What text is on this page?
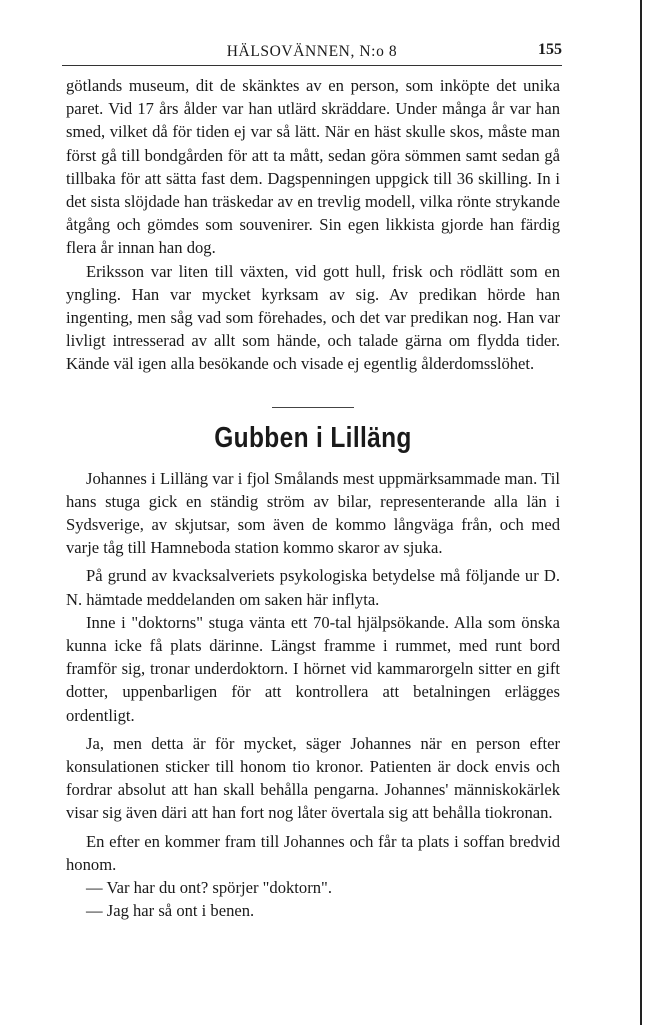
HÄLSOVÄNNEN, N:o 8	155

götlands museum, dit de skänktes av en person, som inköpte det unika paret. Vid 17 års ålder var han utlärd skräddare. Under många år var han smed, vilket då för tiden ej var så lätt. När en häst skulle skos, måste man först gå till bondgården för att ta mått, sedan göra sömmen samt sedan gå tillbaka för att sätta fast dem. Dagspenningen uppgick till 36 skilling. In i det sista slöjdade han träskedar av en trevlig modell, vilka rönte strykande åtgång och gömdes som souvenirer. Sin egen likkista gjorde han färdig flera år innan han dog.

Eriksson var liten till växten, vid gott hull, frisk och rödlätt som en yngling. Han var mycket kyrksam av sig. Av predikan hörde han ingenting, men såg vad som förehades, och det var predikan nog. Han var livligt intresserad av allt som hände, och talade gärna om flydda tider. Kände väl igen alla besökande och visade ej egentlig ålderdomsslöhet.

Gubben i Lilläng

Johannes i Lilläng var i fjol Smålands mest uppmärksammade man. Til hans stuga gick en ständig ström av bilar, representerande alla län i Sydsverige, av skjutsar, som även de kommo långväga från, och med varje tåg till Hamneboda station kommo skaror av sjuka.

På grund av kvacksalveriets psykologiska betydelse må följande ur D. N. hämtade meddelanden om saken här inflyta.

Inne i "doktorns" stuga vänta ett 70-tal hjälpsökande. Alla som önska kunna icke få plats därinne. Längst framme i rummet, med runt bord framför sig, tronar underdoktorn. I hörnet vid kammarorgeln sitter en gift dotter, uppenbarligen för att kontrollera att betalningen erlägges ordentligt.

Ja, men detta är för mycket, säger Johannes när en person efter konsulationen sticker till honom tio kronor. Patienten är dock envis och fordrar absolut att han skall behålla pengarna. Johannes' människokärlek visar sig även däri att han fort nog låter övertala sig att behålla tiokronan.

En efter en kommer fram till Johannes och får ta plats i soffan bredvid honom.

— Var har du ont? spörjer "doktorn".

— Jag har så ont i benen.
